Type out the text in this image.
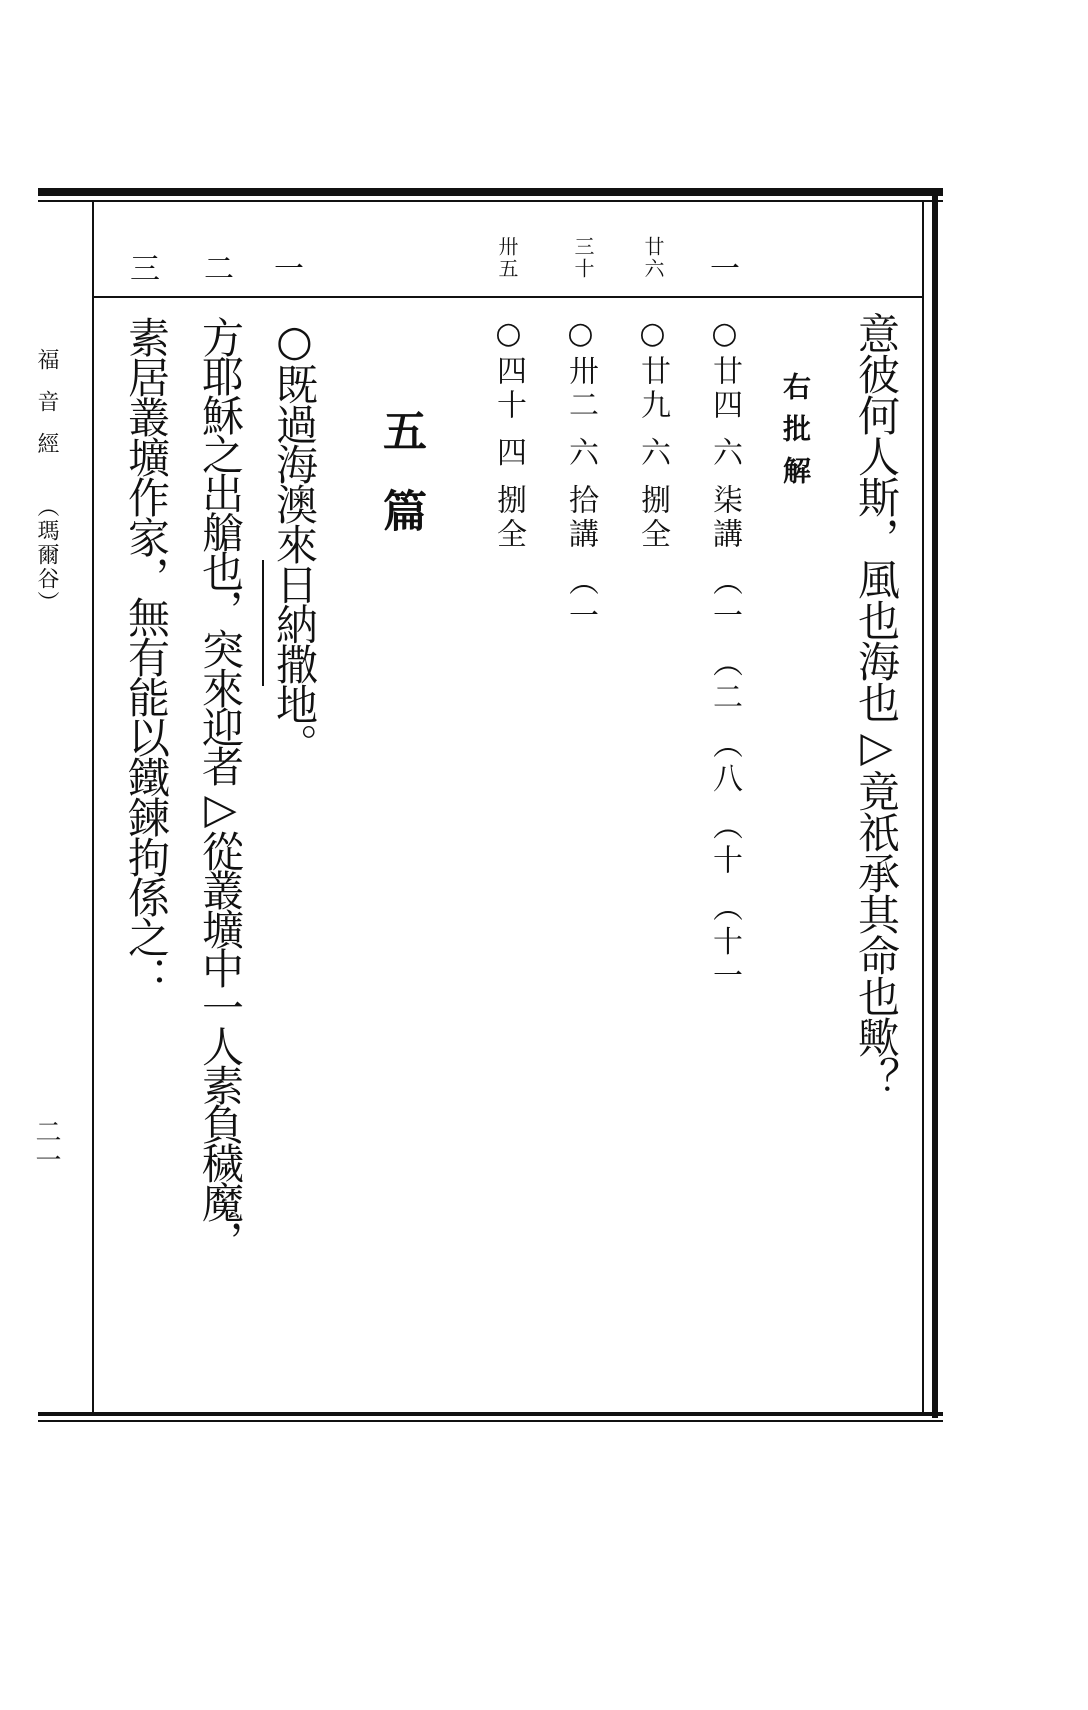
福音經
（瑪爾谷）
二一
一
廿六
三十
卅五
一
二
三
意彼何人斯，風也海也▷竟祇承其命也歟？
右批解
○廿四 六 柒講 （一 （二 （八 （十 （十一
○廿九 六 捌全
○卅二 六 拾講 （一
○四十 四 捌全
五篇
○既過海澳來日納撒地。
方耶穌之出艙也，突來迎者▷從叢壙中一人素負穢魔，
素居叢壙作家，無有能以鐵鍊拘係之：
